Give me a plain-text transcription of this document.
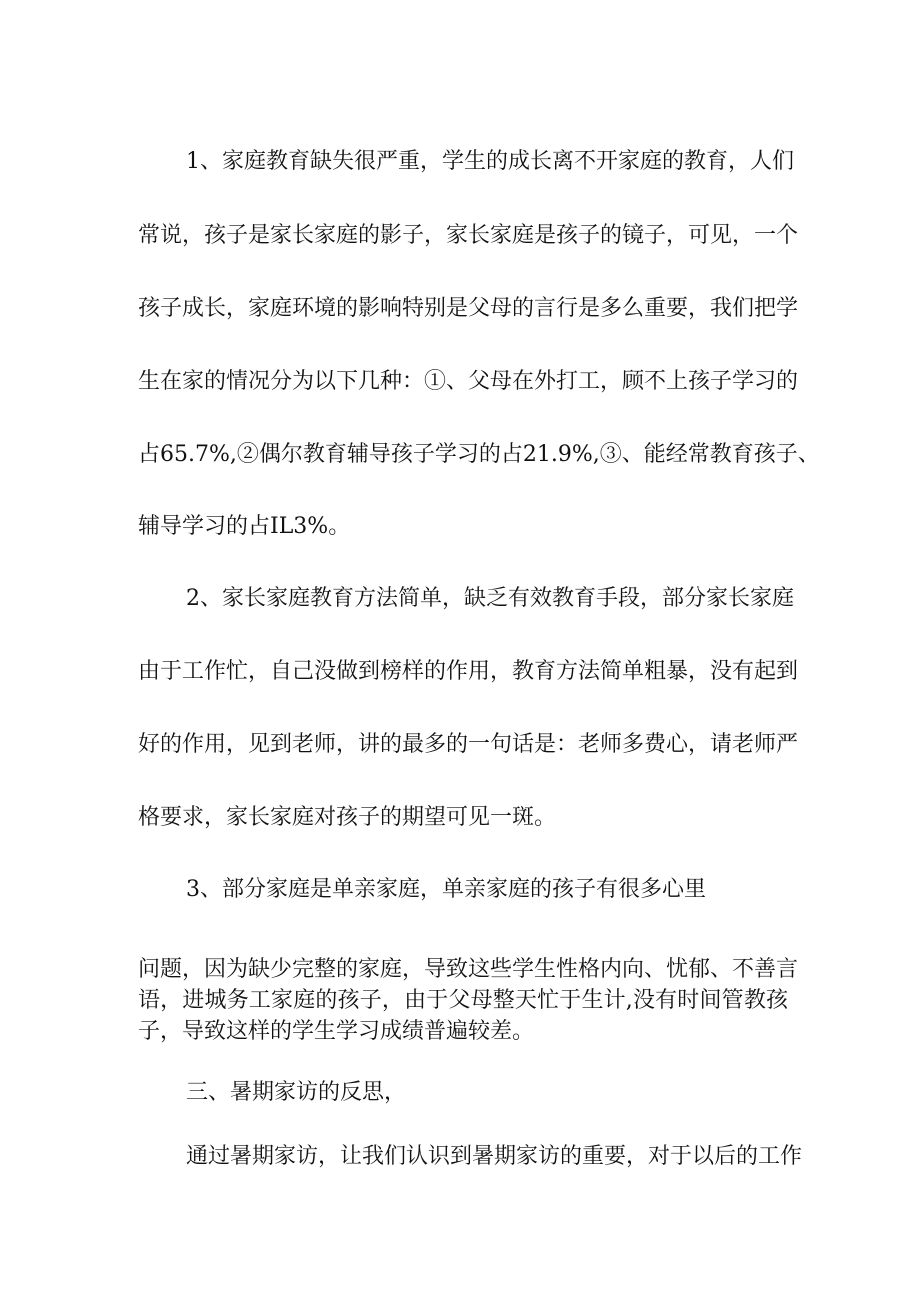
1、家庭教育缺失很严重，学生的成长离不开家庭的教育，人们
常说，孩子是家长家庭的影子，家长家庭是孩子的镜子，可见，一个
孩子成长，家庭环境的影响特别是父母的言行是多么重要，我们把学
生在家的情况分为以下几种：①、父母在外打工，顾不上孩子学习的
占65.7%,②偶尔教育辅导孩子学习的占21.9%,③、能经常教育孩子、
辅导学习的占IL3%。
2、家长家庭教育方法简单，缺乏有效教育手段，部分家长家庭
由于工作忙，自己没做到榜样的作用，教育方法简单粗暴，没有起到
好的作用，见到老师，讲的最多的一句话是：老师多费心，请老师严
格要求，家长家庭对孩子的期望可见一斑。
3、部分家庭是单亲家庭，单亲家庭的孩子有很多心里
问题，因为缺少完整的家庭，导致这些学生性格内向、忧郁、不善言
语，进城务工家庭的孩子，由于父母整天忙于生计,没有时间管教孩
子，导致这样的学生学习成绩普遍较差。
三、暑期家访的反思，
通过暑期家访，让我们认识到暑期家访的重要，对于以后的工作
